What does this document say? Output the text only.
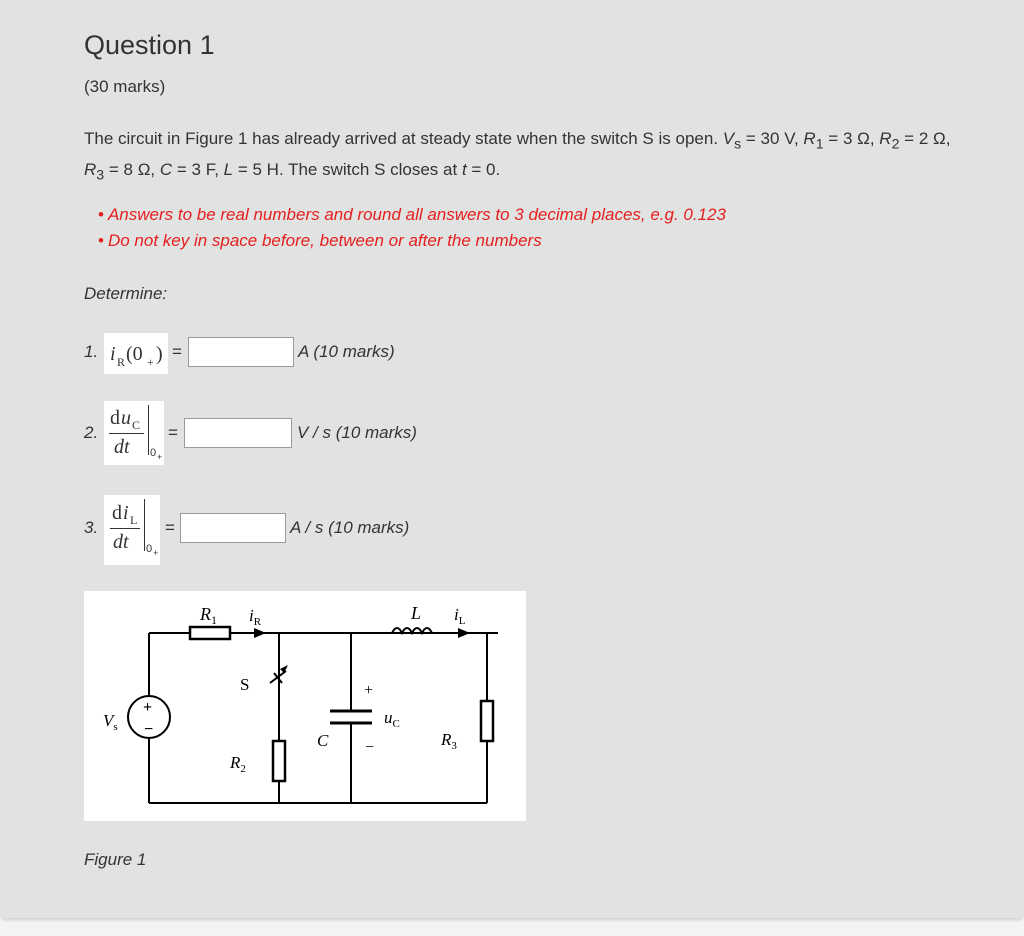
Question 1
(30 marks)
The circuit in Figure 1 has already arrived at steady state when the switch S is open. $V_s = 30$ V, $R_1 = 3$ Ω, $R_2 = 2$ Ω, $R_3 = 8$ Ω, C = 3 F, L = 5 H. The switch S closes at t = 0.
• Answers to be real numbers and round all answers to 3 decimal places, e.g. 0.123
• Do not key in space before, between or after the numbers
Determine:
1. i R (0 + ) =	A (10 marks)
2.
d u C
dt 0 +
=	V / s (10 marks)
3.
d i L
dt 0 +
=	A / s (10 marks)
$R_1$ $i_R$	L $i_L$
S
$V_s$
+
−
+
−
$u_C$
C	$R_3$
$R_2$
Figure 1
